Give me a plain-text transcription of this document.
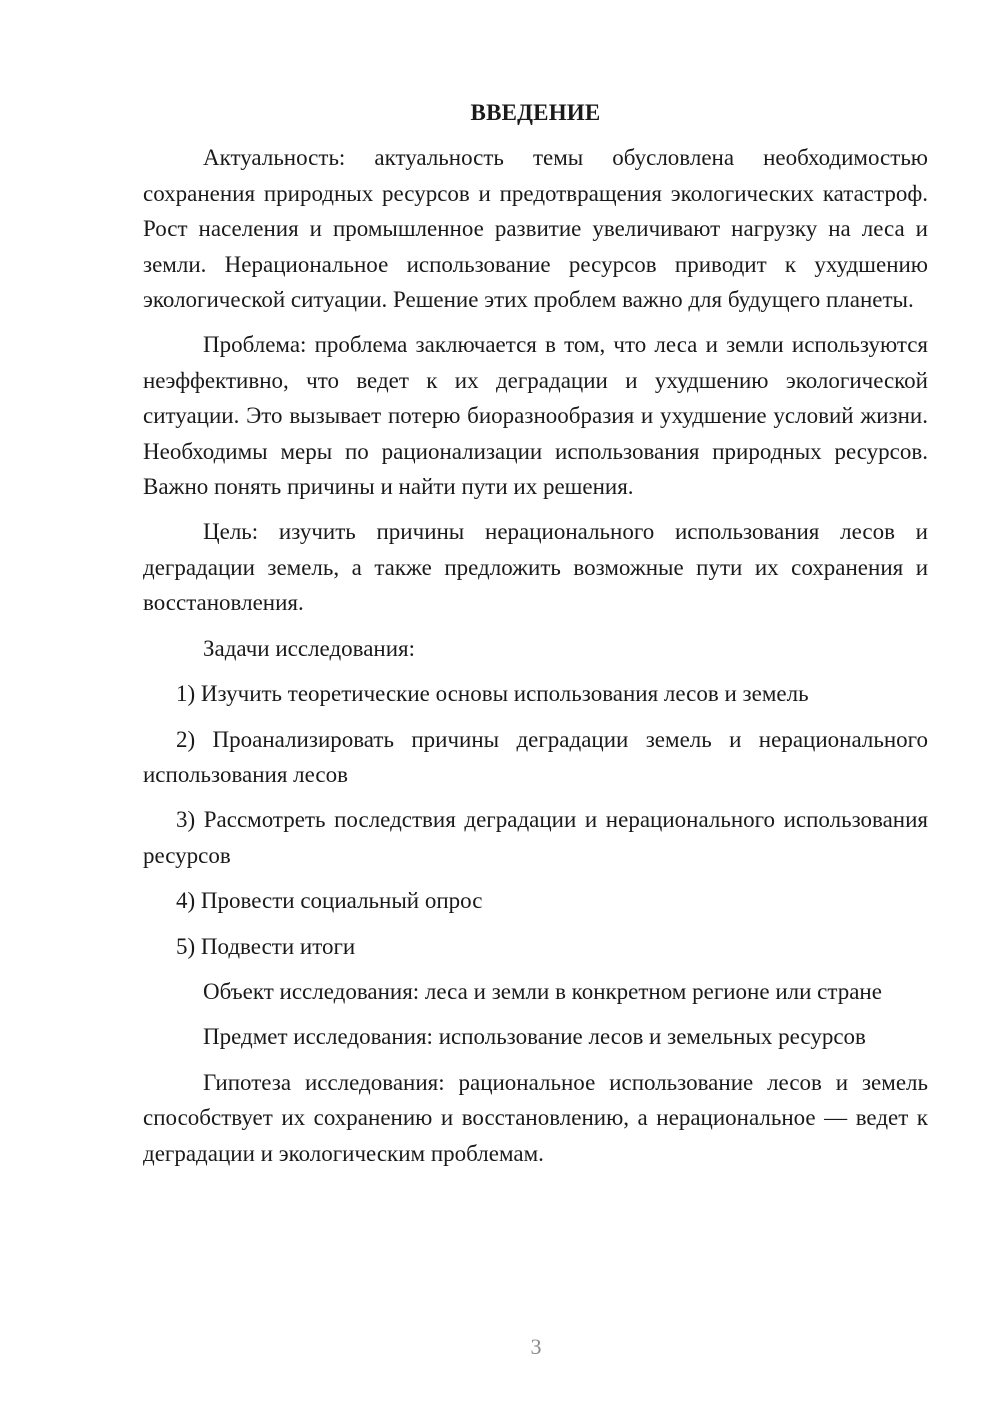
ВВЕДЕНИЕ

Актуальность: актуальность темы обусловлена необходимостью сохранения природных ресурсов и предотвращения экологических катастроф. Рост населения и промышленное развитие увеличивают нагрузку на леса и земли. Нерациональное использование ресурсов приводит к ухудшению экологической ситуации. Решение этих проблем важно для будущего планеты.

Проблема: проблема заключается в том, что леса и земли используются неэффективно, что ведет к их деградации и ухудшению экологической ситуации. Это вызывает потерю биоразнообразия и ухудшение условий жизни. Необходимы меры по рационализации использования природных ресурсов. Важно понять причины и найти пути их решения.

Цель: изучить причины нерационального использования лесов и деградации земель, а также предложить возможные пути их сохранения и восстановления.

Задачи исследования:

1) Изучить теоретические основы использования лесов и земель

2) Проанализировать причины деградации земель и нерационального использования лесов

3) Рассмотреть последствия деградации и нерационального использования ресурсов

4) Провести социальный опрос

5) Подвести итоги

Объект исследования: леса и земли в конкретном регионе или стране

Предмет исследования: использование лесов и земельных ресурсов

Гипотеза исследования: рациональное использование лесов и земель способствует их сохранению и восстановлению, а нерациональное — ведет к деградации и экологическим проблемам.

3
